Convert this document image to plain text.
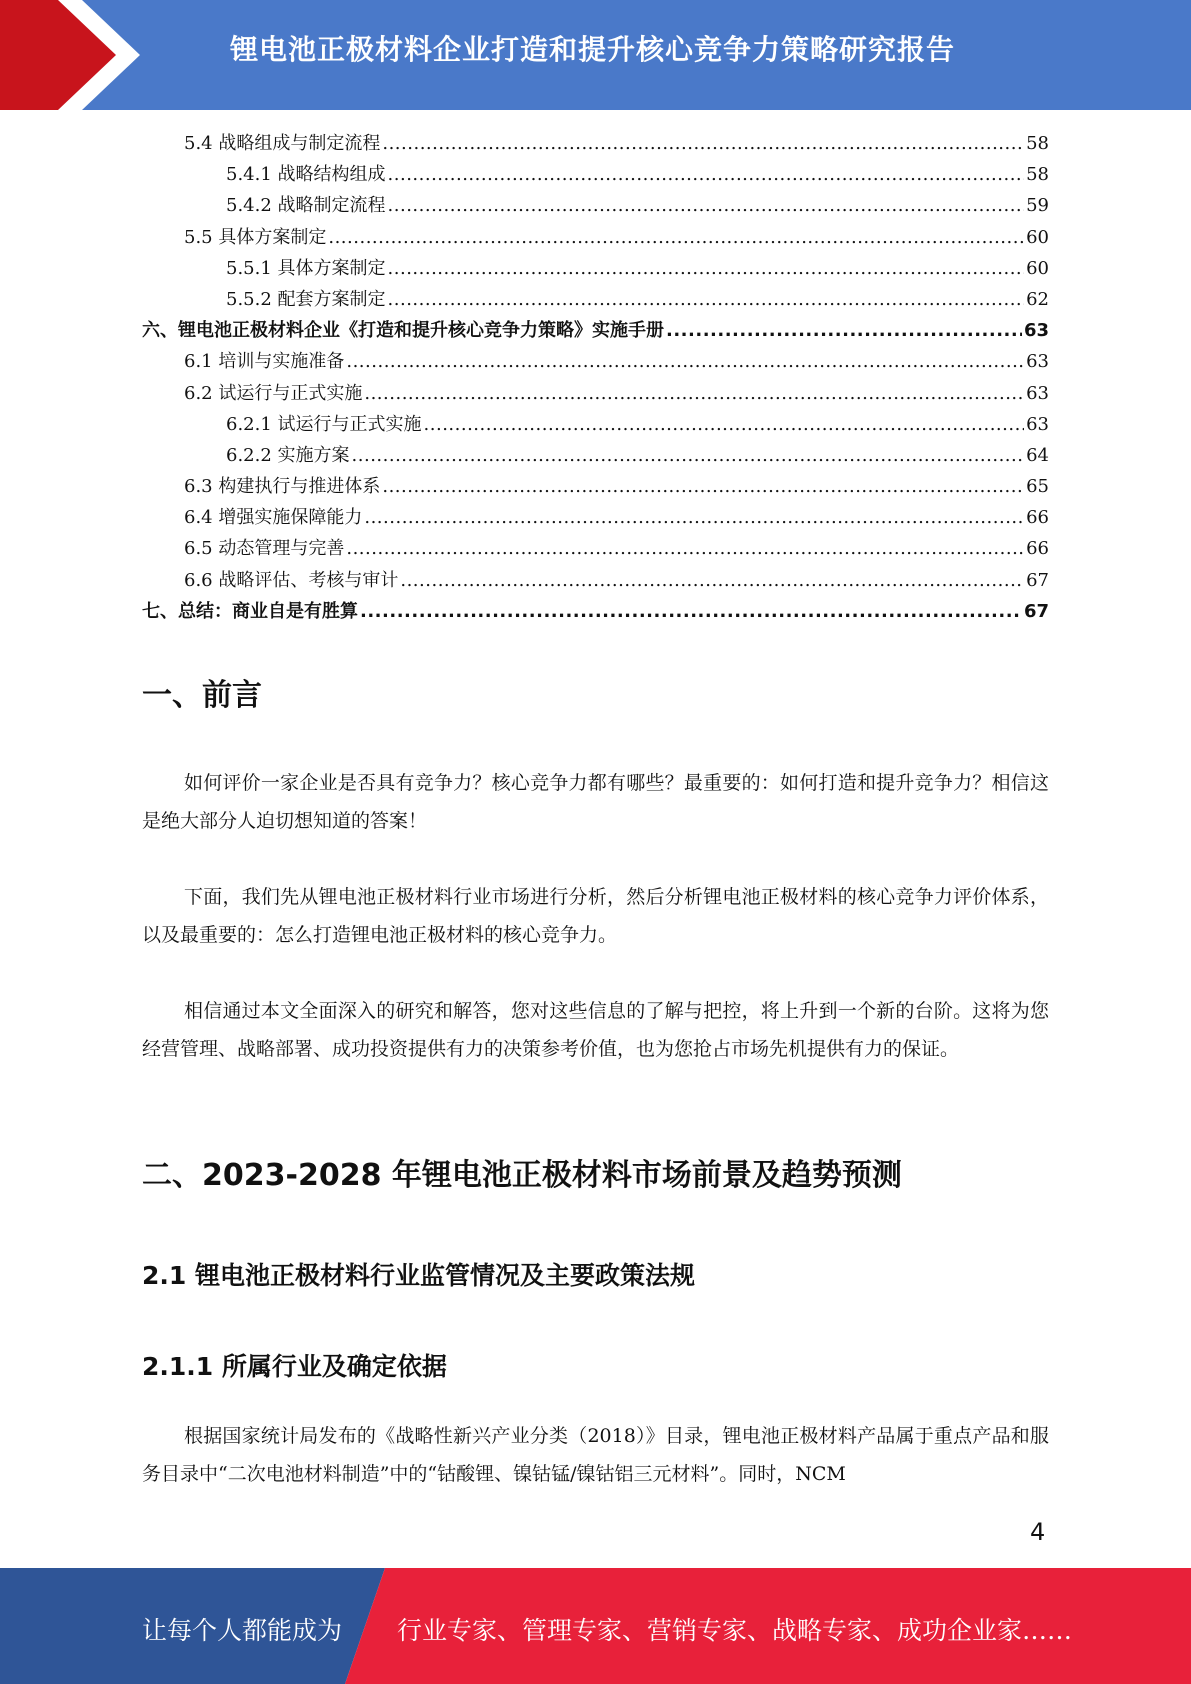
锂电池正极材料企业打造和提升核心竞争力策略研究报告
5.4 战略组成与制定流程 .....	58
5.4.1 战略结构组成 .....	58
5.4.2 战略制定流程 .....	59
5.5 具体方案制定 .....	60
5.5.1 具体方案制定 .....	60
5.5.2 配套方案制定 .....	62
六、锂电池正极材料企业《打造和提升核心竞争力策略》实施手册 .....	63
6.1 培训与实施准备 .....	63
6.2 试运行与正式实施 .....	63
6.2.1 试运行与正式实施 .....	63
6.2.2 实施方案 .....	64
6.3 构建执行与推进体系 .....	65
6.4 增强实施保障能力 .....	66
6.5 动态管理与完善 .....	66
6.6 战略评估、考核与审计 .....	67
七、总结：商业自是有胜算 .....	67
一、前言
如何评价一家企业是否具有竞争力？核心竞争力都有哪些？最重要的：如何打造和提升竞争力？相信这是绝大部分人迫切想知道的答案！
下面，我们先从锂电池正极材料行业市场进行分析，然后分析锂电池正极材料的核心竞争力评价体系，以及最重要的：怎么打造锂电池正极材料的核心竞争力。
相信通过本文全面深入的研究和解答，您对这些信息的了解与把控，将上升到一个新的台阶。这将为您经营管理、战略部署、成功投资提供有力的决策参考价值，也为您抢占市场先机提供有力的保证。
二、2023-2028 年锂电池正极材料市场前景及趋势预测
2.1 锂电池正极材料行业监管情况及主要政策法规
2.1.1 所属行业及确定依据
根据国家统计局发布的《战略性新兴产业分类（2018）》目录，锂电池正极材料产品属于重点产品和服务目录中“二次电池材料制造”中的“钴酸锂、镍钴锰/镍钴铝三元材料”。同时，NCM
4
让每个人都能成为 行业专家、管理专家、营销专家、战略专家、成功企业家……
